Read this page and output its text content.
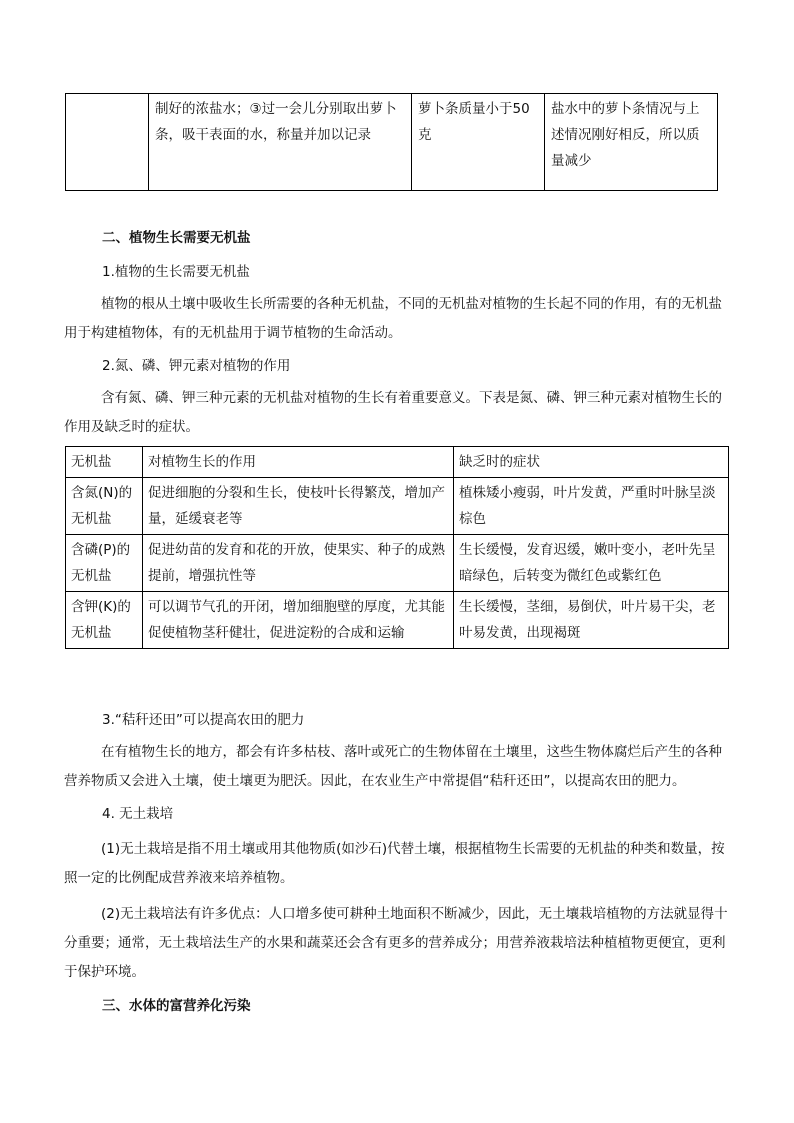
	制好的浓盐水；③过一会儿分别取出萝卜条，吸干表面的水，称量并加以记录	萝卜条质量小于50克	盐水中的萝卜条情况与上述情况刚好相反，所以质量减少
二、植物生长需要无机盐
1.植物的生长需要无机盐
植物的根从土壤中吸收生长所需要的各种无机盐，不同的无机盐对植物的生长起不同的作用，有的无机盐用于构建植物体，有的无机盐用于调节植物的生命活动。
2.氮、磷、钾元素对植物的作用
含有氮、磷、钾三种元素的无机盐对植物的生长有着重要意义。下表是氮、磷、钾三种元素对植物生长的作用及缺乏时的症状。
无机盐	对植物生长的作用	缺乏时的症状
含氮(N)的无机盐	促进细胞的分裂和生长，使枝叶长得繁茂，增加产量，延缓衰老等	植株矮小瘦弱，叶片发黄，严重时叶脉呈淡棕色
含磷(P)的无机盐	促进幼苗的发育和花的开放，使果实、种子的成熟提前，增强抗性等	生长缓慢，发育迟缓，嫩叶变小，老叶先呈暗绿色，后转变为微红色或紫红色
含钾(K)的无机盐	可以调节气孔的开闭，增加细胞壁的厚度，尤其能促使植物茎秆健壮，促进淀粉的合成和运输	生长缓慢，茎细，易倒伏，叶片易干尖，老叶易发黄，出现褐斑
3.“秸秆还田”可以提高农田的肥力
在有植物生长的地方，都会有许多枯枝、落叶或死亡的生物体留在土壤里，这些生物体腐烂后产生的各种营养物质又会进入土壤，使土壤更为肥沃。因此，在农业生产中常提倡“秸秆还田”，以提高农田的肥力。
4. 无土栽培
(1)无土栽培是指不用土壤或用其他物质(如沙石)代替土壤，根据植物生长需要的无机盐的种类和数量，按照一定的比例配成营养液来培养植物。
(2)无土栽培法有许多优点：人口增多使可耕种土地面积不断减少，因此，无土壤栽培植物的方法就显得十分重要；通常，无土栽培法生产的水果和蔬菜还会含有更多的营养成分；用营养液栽培法种植植物更便宜，更利于保护环境。
三、水体的富营养化污染
